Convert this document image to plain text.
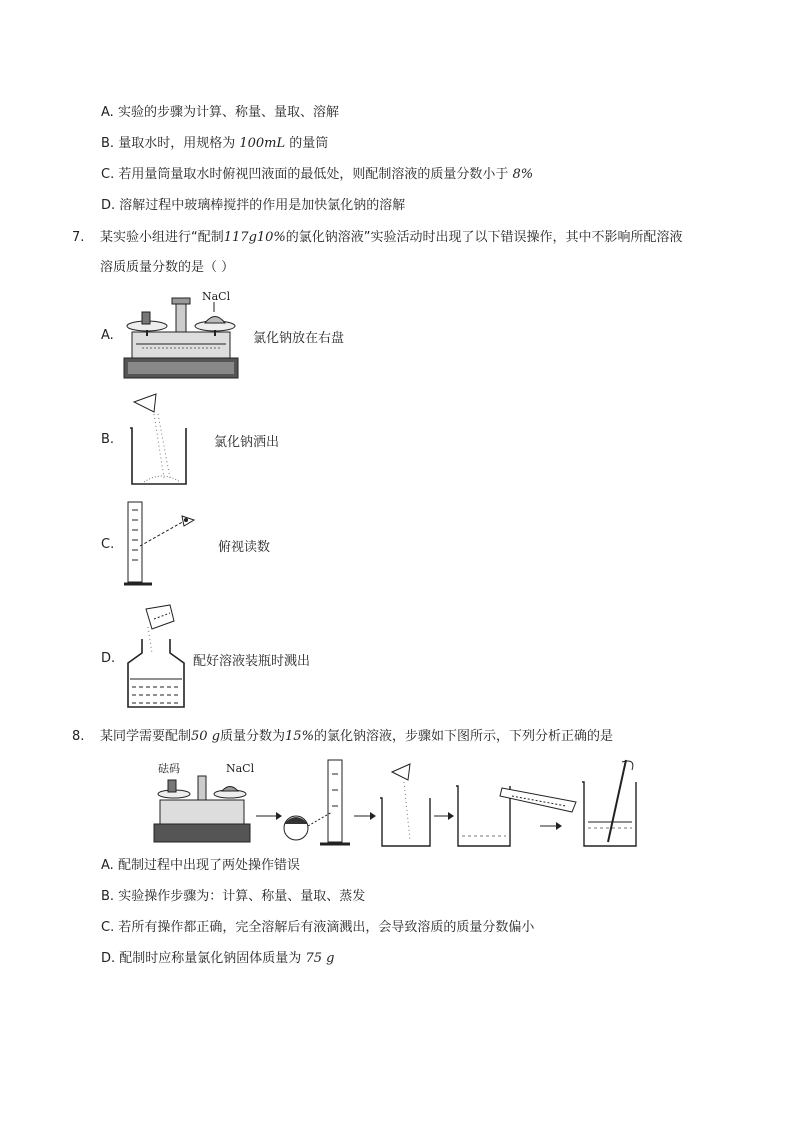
A. 实验的步骤为计算、称量、量取、溶解
B. 量取水时，用规格为 100mL 的量筒
C. 若用量筒量取水时俯视凹液面的最低处，则配制溶液的质量分数小于 8%
D. 溶解过程中玻璃棒搅拌的作用是加快氯化钠的溶解
7. 某实验小组进行“配制117g10%的氯化钠溶液”实验活动时出现了以下错误操作，其中不影响所配溶液
溶质质量分数的是（ ）
A.
NaCl
氯化钠放在右盘
B.	氯化钠洒出
C.	俯视读数
D.	配好溶液装瓶时溅出
8. 某同学需要配制50 g质量分数为15%的氯化钠溶液，步骤如下图所示，下列分析正确的是
砝码	NaCl
A. 配制过程中出现了两处操作错误
B. 实验操作步骤为：计算、称量、量取、蒸发
C. 若所有操作都正确，完全溶解后有液滴溅出，会导致溶质的质量分数偏小
D. 配制时应称量氯化钠固体质量为 75 g
